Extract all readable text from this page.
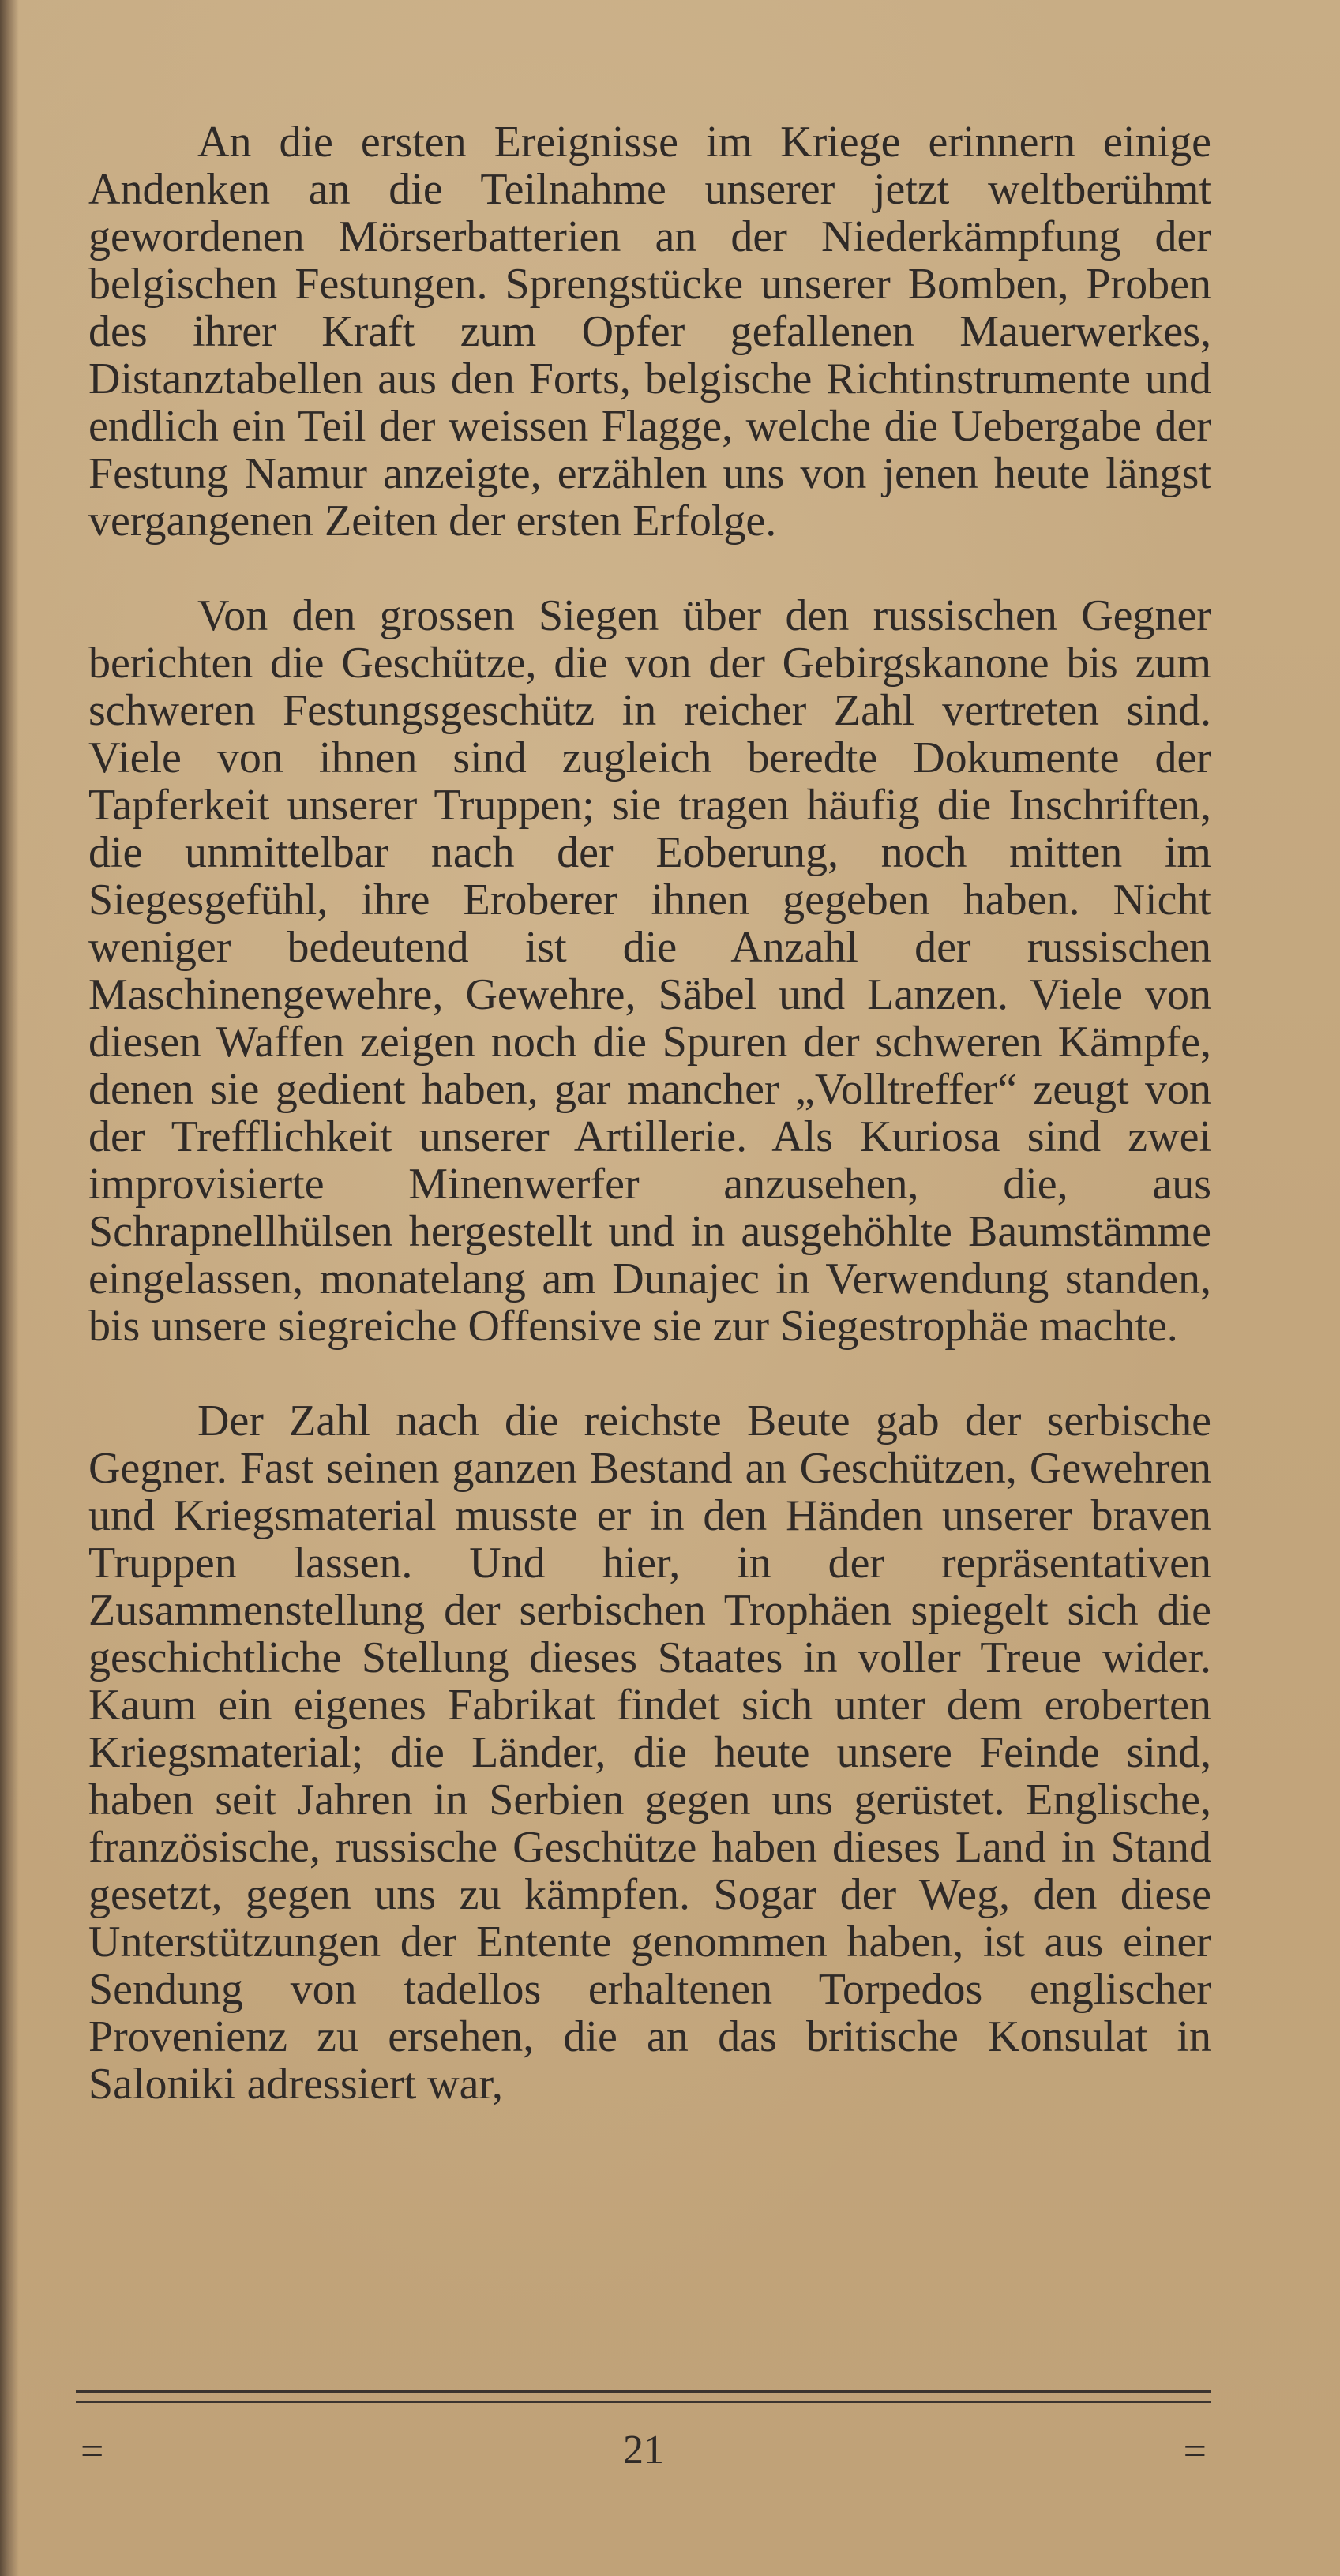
An die ersten Ereignisse im Kriege erinnern einige Andenken an die Teilnahme unserer jetzt weltberühmt gewordenen Mörserbatterien an der Niederkämpfung der belgischen Festungen. Sprengstücke unserer Bomben, Proben des ihrer Kraft zum Opfer gefallenen Mauerwerkes, Distanztabellen aus den Forts, belgische Richtinstrumente und endlich ein Teil der weissen Flagge, welche die Uebergabe der Festung Namur anzeigte, erzählen uns von jenen heute längst vergangenen Zeiten der ersten Erfolge.

Von den grossen Siegen über den russischen Gegner berichten die Geschütze, die von der Gebirgskanone bis zum schweren Festungsgeschütz in reicher Zahl vertreten sind. Viele von ihnen sind zugleich beredte Dokumente der Tapferkeit unserer Truppen; sie tragen häufig die Inschriften, die unmittelbar nach der Eoberung, noch mitten im Siegesgefühl, ihre Eroberer ihnen gegeben haben. Nicht weniger bedeutend ist die Anzahl der russischen Maschinengewehre, Gewehre, Säbel und Lanzen. Viele von diesen Waffen zeigen noch die Spuren der schweren Kämpfe, denen sie gedient haben, gar mancher „Volltreffer“ zeugt von der Trefflichkeit unserer Artillerie. Als Kuriosa sind zwei improvisierte Minenwerfer anzusehen, die, aus Schrapnellhülsen hergestellt und in ausgehöhlte Baumstämme eingelassen, monatelang am Dunajec in Verwendung standen, bis unsere siegreiche Offensive sie zur Siegestrophäe machte.

Der Zahl nach die reichste Beute gab der serbische Gegner. Fast seinen ganzen Bestand an Geschützen, Gewehren und Kriegsmaterial musste er in den Händen unserer braven Truppen lassen. Und hier, in der repräsentativen Zusammenstellung der serbischen Trophäen spiegelt sich die geschichtliche Stellung dieses Staates in voller Treue wider. Kaum ein eigenes Fabrikat findet sich unter dem eroberten Kriegsmaterial; die Länder, die heute unsere Feinde sind, haben seit Jahren in Serbien gegen uns gerüstet. Englische, französische, russische Geschütze haben dieses Land in Stand gesetzt, gegen uns zu kämpfen. Sogar der Weg, den diese Unterstützungen der Entente genommen haben, ist aus einer Sendung von tadellos erhaltenen Torpedos englischer Provenienz zu ersehen, die an das britische Konsulat in Saloniki adressiert war,

=	21	=
